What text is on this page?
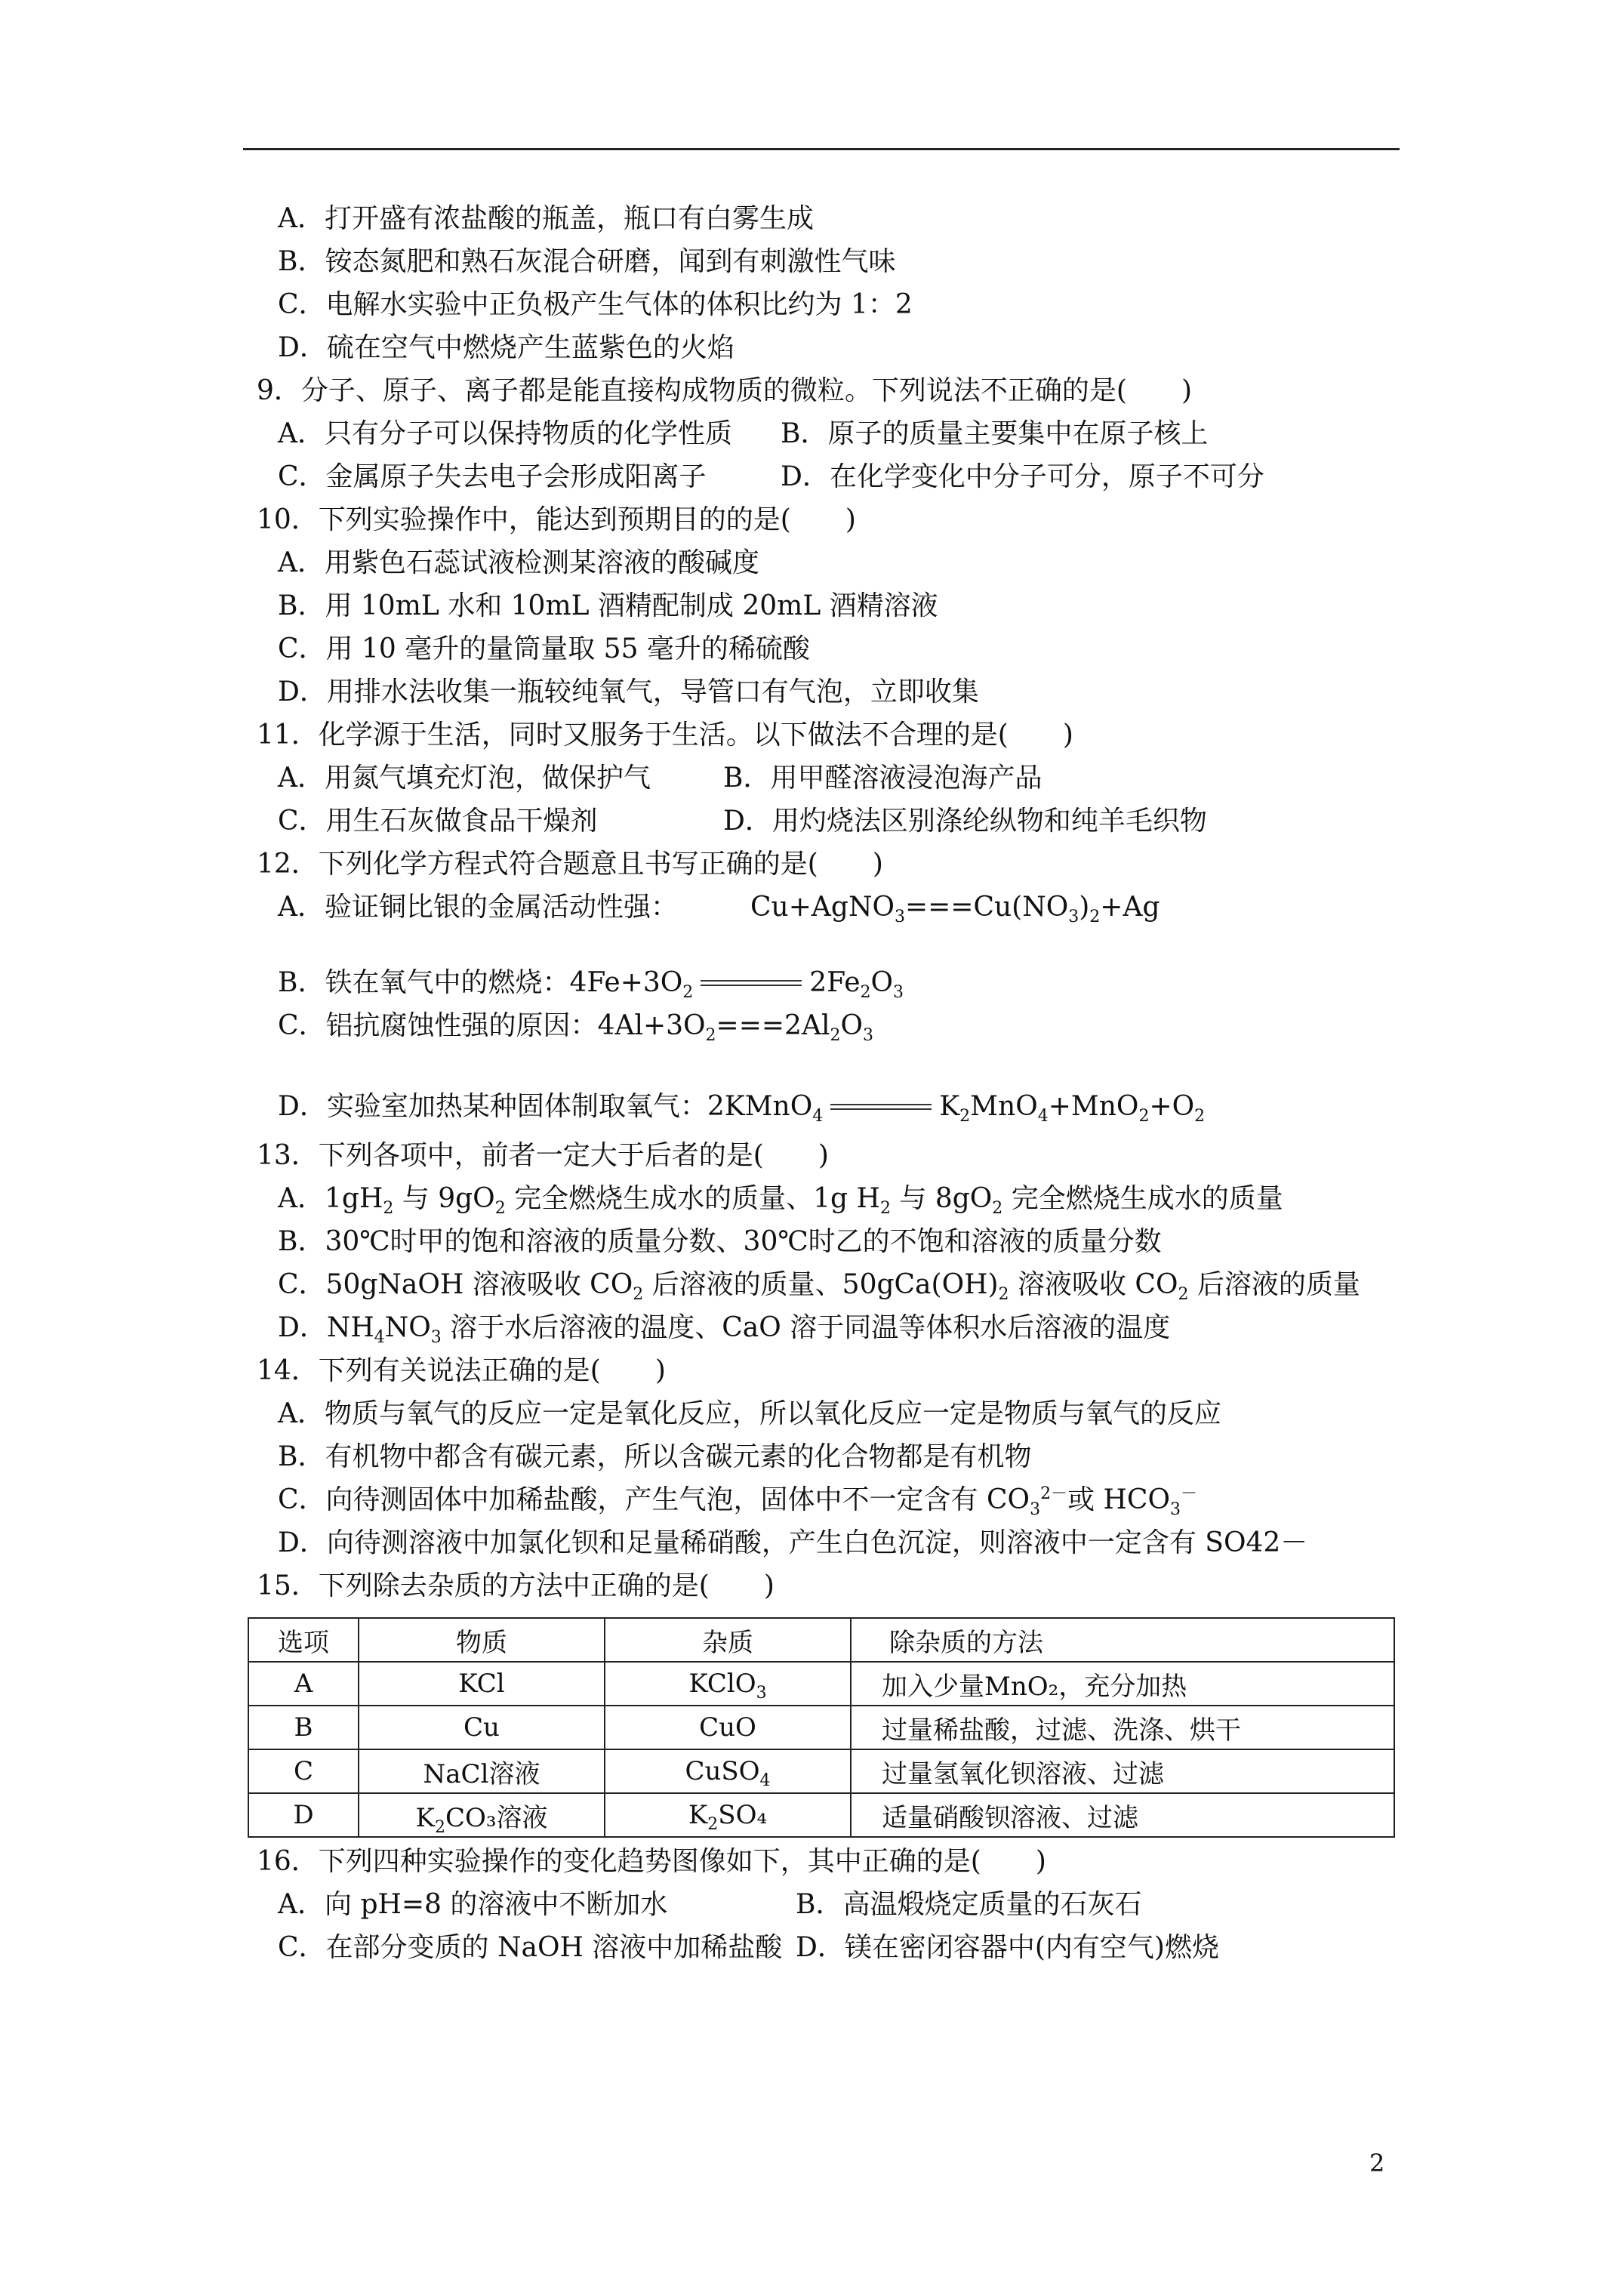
A．打开盛有浓盐酸的瓶盖，瓶口有白雾生成
B．铵态氮肥和熟石灰混合研磨，闻到有刺激性气味
C．电解水实验中正负极产生气体的体积比约为 1：2
D．硫在空气中燃烧产生蓝紫色的火焰
9．分子、原子、离子都是能直接构成物质的微粒。下列说法不正确的是(　　)
A．只有分子可以保持物质的化学性质 B．原子的质量主要集中在原子核上
C．金属原子失去电子会形成阳离子	D．在化学变化中分子可分，原子不可分
10．下列实验操作中，能达到预期目的的是(　　)
A．用紫色石蕊试液检测某溶液的酸碱度
B．用 10mL 水和 10mL 酒精配制成 20mL 酒精溶液
C．用 10 毫升的量筒量取 55 毫升的稀硫酸
D．用排水法收集一瓶较纯氧气，导管口有气泡，立即收集
11．化学源于生活，同时又服务于生活。以下做法不合理的是(　　)
A．用氮气填充灯泡，做保护气	B．用甲醛溶液浸泡海产品
C．用生石灰做食品干燥剂	D．用灼烧法区别涤纶纵物和纯羊毛织物
12．下列化学方程式符合题意且书写正确的是(　　)
A．验证铜比银的金属活动性强：	$Cu+AgNO_3===Cu(NO_3)_2+Ag$
B．铁在氧气中的燃烧：$4Fe+3O_2$	$2Fe_2O_3$
C．铝抗腐蚀性强的原因：$4Al+3O_2===2Al_2O_3$
D．实验室加热某种固体制取氧气：2KMnO$_4$	$K_2MnO_4+MnO_2+O_2$
13．下列各项中，前者一定大于后者的是(　　)
A．$1gH_2$ 与 $9gO_2$ 完全燃烧生成水的质量、1g $H_2$ 与 $8gO_2$ 完全燃烧生成水的质量
B．30℃时甲的饱和溶液的质量分数、30℃时乙的不饱和溶液的质量分数
C．50gNaOH 溶液吸收 $CO_2$ 后溶液的质量、$50gCa(OH)_2$ 溶液吸收 $CO_2$ 后溶液的质量
D．$NH_4NO_3$ 溶于水后溶液的温度、CaO 溶于同温等体积水后溶液的温度
14．下列有关说法正确的是(　　)
A．物质与氧气的反应一定是氧化反应，所以氧化反应一定是物质与氧气的反应
B．有机物中都含有碳元素，所以含碳元素的化合物都是有机物
C．向待测固体中加稀盐酸，产生气泡，固体中不一定含有 $CO_3^{2-}$或 $HCO_3^-$
D．向待测溶液中加氯化钡和足量稀硝酸，产生白色沉淀，则溶液中一定含有 SO42－
15．下列除去杂质的方法中正确的是(　　)
选项	物质	杂质	除杂质的方法
A	KCl	KClO$_3$	加入少量MnO₂，充分加热
B	Cu	CuO	过量稀盐酸，过滤、洗涤、烘干
C	NaCl溶液	CuSO$_4$	过量氢氧化钡溶液、过滤
D	$K_2CO_3$溶液	$K_2SO_4$	适量硝酸钡溶液、过滤
16．下列四种实验操作的变化趋势图像如下，其中正确的是(　　)
A．向 pH=8 的溶液中不断加水	B．高温煅烧定质量的石灰石
C．在部分变质的 NaOH 溶液中加稀盐酸 D．镁在密闭容器中(内有空气)燃烧
2
